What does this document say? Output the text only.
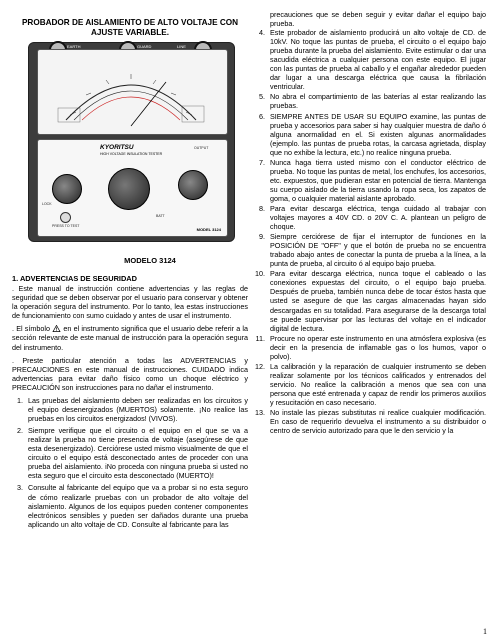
PROBADOR DE AISLAMIENTO DE ALTO VOLTAJE CON AJUSTE VARIABLE.
EARTH	GUARD	LINE
KYORITSU
HIGH VOLTAGE INSULATION TESTER
OUTPUT
PRESS TO TEST
LOCK
BATT
MODEL 3124
MODELO 3124
1. ADVERTENCIAS DE SEGURIDAD

. Este manual de instrucción contiene advertencias y las reglas de seguridad que se deben observar por el usuario para conservar y obtener la operación segura del instrumento. Por lo tanto, lea estas instrucciones de funcionamiento con sumo cuidado y antes de usar el instrumento.

. El símbolo en el instrumento significa que el usuario debe referir a la sección relevante de este manual de instrucción para la operación segura del instrumento.

. Preste particular atención a todas las ADVERTENCIAS y PRECAUCIONES en este manual de instrucciones. CUIDADO indica advertencias para evitar daño físico como un choque eléctrico y PRECAUCIÓN son instrucciones para no dañar el instrumento.

1. Las pruebas del aislamiento deben ser realizadas en los circuitos y el equipo desenergizados (MUERTOS) solamente. ¡No realice las pruebas en los circuitos energizados! (VIVOS).
2. Siempre verifique que el circuito o el equipo en el que se va a realizar la prueba no tiene presencia de voltaje (asegúrese de que esta desenergizado). Cerciórese usted mismo visualmente de que el circuito o el equipo está desconectado antes de proceder con una prueba del aislamiento. iNo proceda con ninguna prueba si usted no esta seguro que el circuito esta desconectado (MUERTO)!
3. Consulte al fabricante del equipo que va a probar si no esta seguro de cómo realizarle pruebas con un probador de alto voltaje del aislamiento. Algunos de los equipos pueden contener componentes electrónicos sensibles y pueden ser dañados durante una prueba aplicando un alto voltaje de CD. Consulte al fabricante para las
precauciones que se deben seguir y evitar dañar el equipo bajo prueba.
4. Este probador de aislamiento producirá un alto voltaje de CD. de 10kV. No toque las puntas de prueba, el circuito o el equipo bajo prueba durante la prueba del aislamiento. Evite estimular o dar una sacudida eléctrica a cualquier persona con este equipo. El jugar con las puntas de prueba al caballo y el engañar alrededor pueden dar lugar a una descarga eléctrica que causa la fibrilación ventricular.
5. No abra el compartimiento de las baterías al estar realizando las pruebas.
6. SIEMPRE ANTES DE USAR SU EQUIPO examine, las puntas de prueba y accesorios para saber si hay cualquier muestra de daño ó alguna anormalidad en el. Si existen algunas anormalidades (ejemplo. las puntas de prueba rotas, la carcasa agrietada, display que no exhibe la lectura, etc.) no realice ninguna prueba.
7. Nunca haga tierra usted mismo con el conductor eléctrico de prueba. No toque las puntas de metal, los enchufes, los accesorios, etc. expuestos, que pudieran estar en potencial de tierra. Mantenga su cuerpo aislado de la tierra usando la ropa seca, los zapatos de goma, o cualquier material aislante aprobado.
8. Para evitar descarga eléctrica, tenga cuidado al trabajar con voltajes mayores a 40V CD. o 20V C. A. plantean un peligro de choque.
9. Siempre cerciórese de fijar el interruptor de funciones en la POSICIÓN DE "OFF" y que el botón de prueba no se encuentra trabado abajo antes de conectar la punta de prueba a la línea, a la punta de prueba, al circuito ó al equipo bajo prueba.
10. Para evitar descarga eléctrica, nunca toque el cableado o las conexiones expuestas del circuito, o el equipo bajo prueba. Después de prueba, también nunca debe de tocar éstos hasta que usted se asegure de que las cargas almacenadas hayan sido descargadas en su totalidad. Para asegurarse de la descarga total se puede supervisar por las lecturas del voltaje en el indicador digital de lectura.
11. Procure no operar este instrumento en una atmósfera explosiva (es decir en la presencia de inflamable gas o los humos, vapor o polvo).
12. La calibración y la reparación de cualquier instrumento se deben realizar solamente por los técnicos calificados y entrenados del servicio. No realice la calibración a menos que sea con una persona que esté entrenada y capaz de rendir los primeros auxilios y resucitación en caso necesario.
13. No instale las piezas substitutas ni realice cualquier modificación. En caso de requerirlo devuelva el instrumento a su distribuidor o centro de servicio autorizado para que le den servicio y la
1
